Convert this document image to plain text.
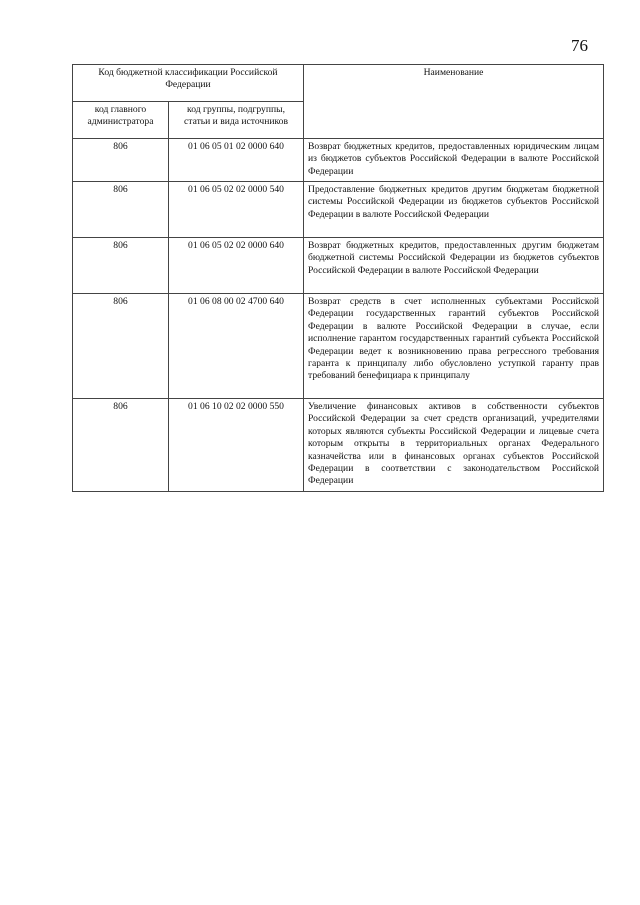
76
Код бюджетной классификации Российской Федерации		Наименование
код главного администратора	код группы, подгруппы, статьи и вида источников	
806	01 06 05 01 02 0000 640	Возврат бюджетных кредитов, предоставленных юридическим лицам из бюджетов субъектов Российской Федерации в валюте Российской Федерации
806	01 06 05 02 02 0000 540	Предоставление бюджетных кредитов другим бюджетам бюджетной системы Российской Федерации из бюджетов субъектов Российской Федерации в валюте Российской Федерации
806	01 06 05 02 02 0000 640	Возврат бюджетных кредитов, предоставленных другим бюджетам бюджетной системы Российской Федерации из бюджетов субъектов Российской Федерации в валюте Российской Федерации
806	01 06 08 00 02 4700 640	Возврат средств в счет исполненных субъектами Российской Федерации государственных гарантий субъектов Российской Федерации в валюте Российской Федерации в случае, если исполнение гарантом государственных гарантий субъекта Российской Федерации ведет к возникновению права регрессного требования гаранта к принципалу либо обусловлено уступкой гаранту прав требований бенефициара к принципалу
806	01 06 10 02 02 0000 550	Увеличение финансовых активов в собственности субъектов Российской Федерации за счет средств организаций, учредителями которых являются субъекты Российской Федерации и лицевые счета которым открыты в территориальных органах Федерального казначейства или в финансовых органах субъектов Российской Федерации в соответствии с законодательством Российской Федерации
